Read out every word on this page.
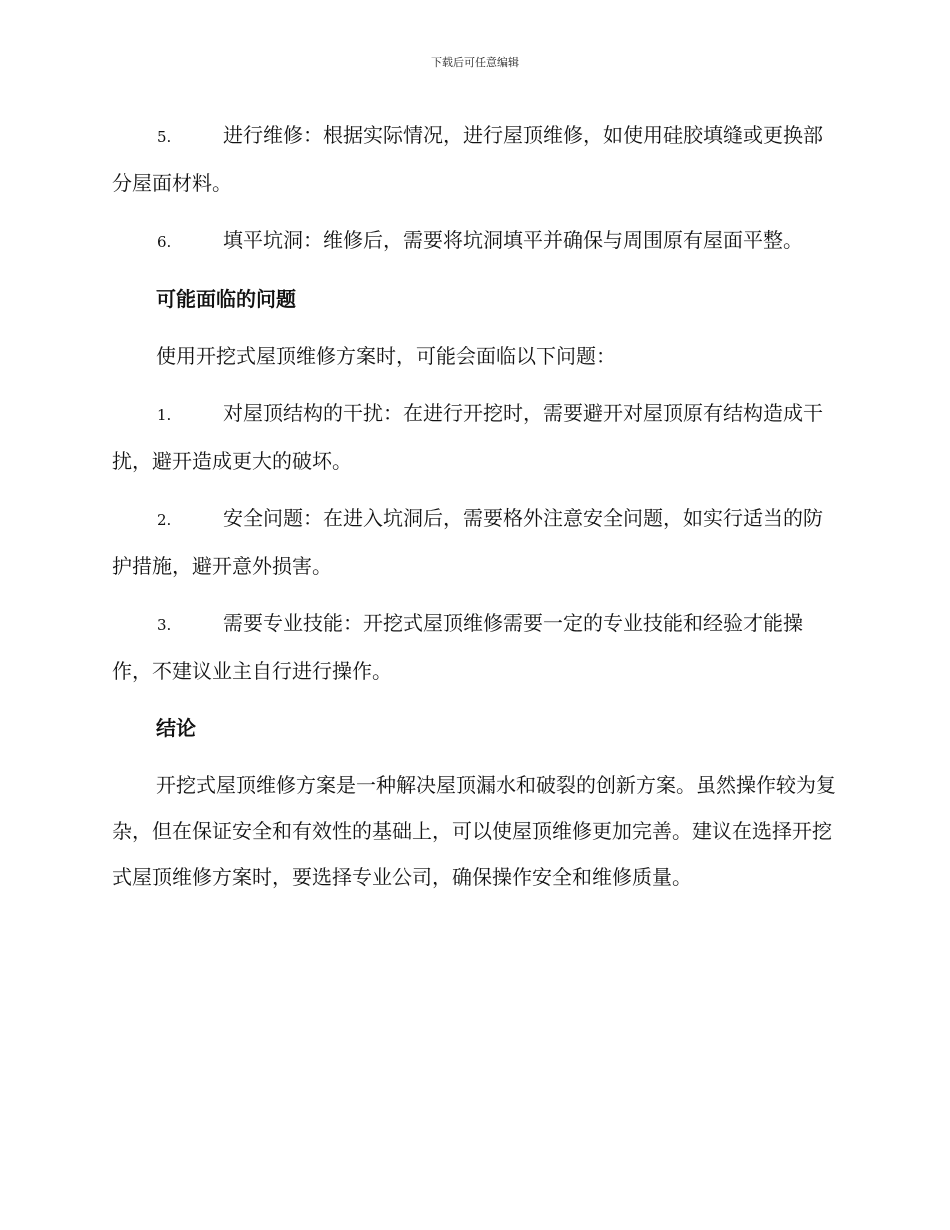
下载后可任意编辑
5.	进行维修：根据实际情况，进行屋顶维修，如使用硅胶填缝或更换部分屋面材料。
6.	填平坑洞：维修后，需要将坑洞填平并确保与周围原有屋面平整。
可能面临的问题
使用开挖式屋顶维修方案时，可能会面临以下问题：
1.	对屋顶结构的干扰：在进行开挖时，需要避开对屋顶原有结构造成干扰，避开造成更大的破坏。
2.	安全问题：在进入坑洞后，需要格外注意安全问题，如实行适当的防护措施，避开意外损害。
3.	需要专业技能：开挖式屋顶维修需要一定的专业技能和经验才能操作，不建议业主自行进行操作。
结论
开挖式屋顶维修方案是一种解决屋顶漏水和破裂的创新方案。虽然操作较为复杂，但在保证安全和有效性的基础上，可以使屋顶维修更加完善。建议在选择开挖式屋顶维修方案时，要选择专业公司，确保操作安全和维修质量。
